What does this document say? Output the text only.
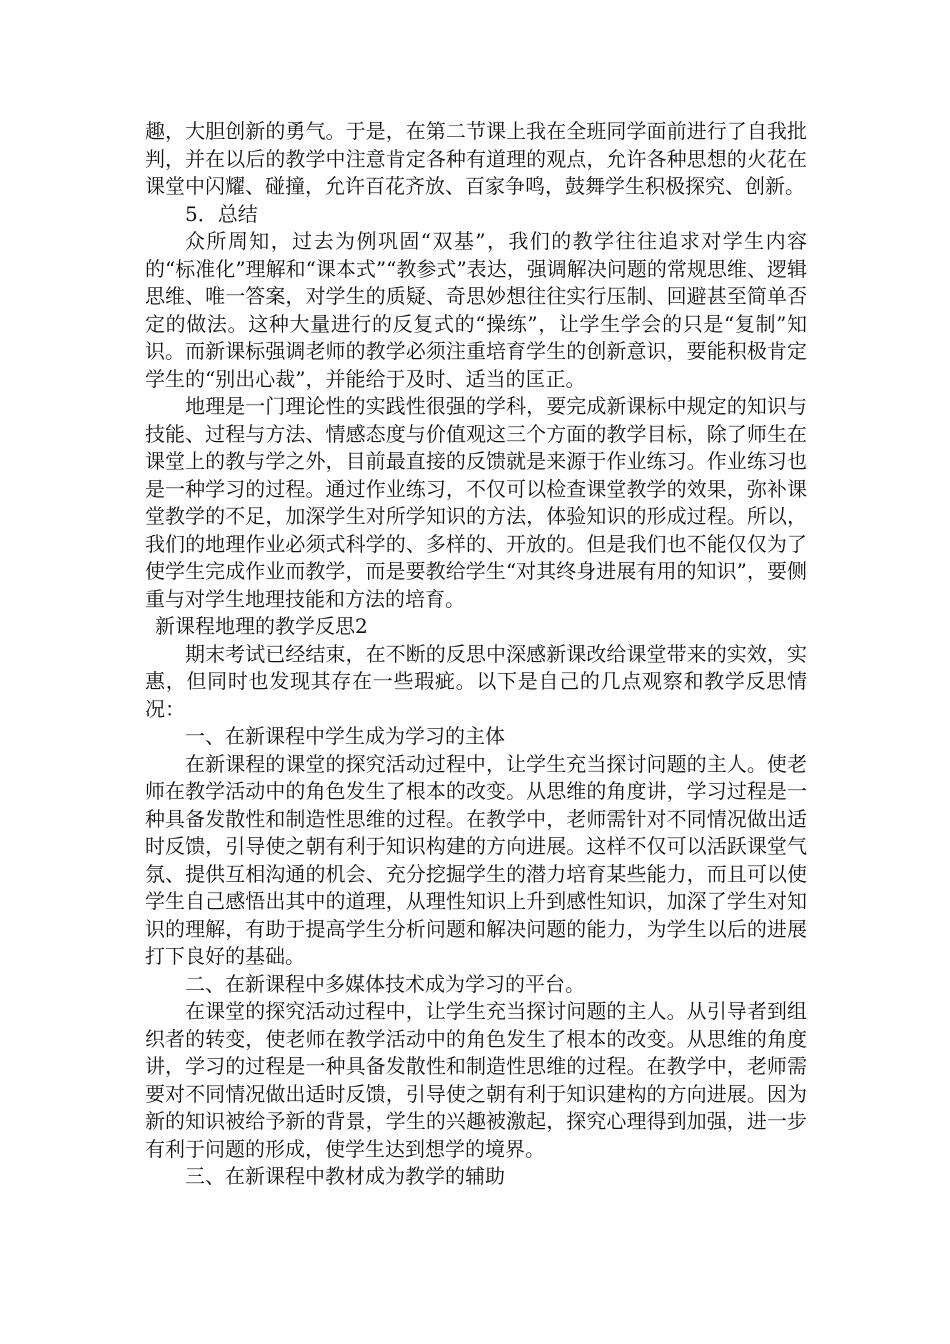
趣，大胆创新的勇气。于是，在第二节课上我在全班同学面前进行了自我批判，并在以后的教学中注意肯定各种有道理的观点，允许各种思想的火花在课堂中闪耀、碰撞，允许百花齐放、百家争鸣，鼓舞学生积极探究、创新。

5．总结

众所周知，过去为例巩固“双基”，我们的教学往往追求对学生内容的“标准化”理解和“课本式”“教参式”表达，强调解决问题的常规思维、逻辑思维、唯一答案，对学生的质疑、奇思妙想往往实行压制、回避甚至简单否定的做法。这种大量进行的反复式的“操练”，让学生学会的只是“复制”知识。而新课标强调老师的教学必须注重培育学生的创新意识，要能积极肯定学生的“别出心裁”，并能给于及时、适当的匡正。

地理是一门理论性的实践性很强的学科，要完成新课标中规定的知识与技能、过程与方法、情感态度与价值观这三个方面的教学目标，除了师生在课堂上的教与学之外，目前最直接的反馈就是来源于作业练习。作业练习也是一种学习的过程。通过作业练习，不仅可以检查课堂教学的效果，弥补课堂教学的不足，加深学生对所学知识的方法，体验知识的形成过程。所以，我们的地理作业必须式科学的、多样的、开放的。但是我们也不能仅仅为了使学生完成作业而教学，而是要教给学生“对其终身进展有用的知识”，要侧重与对学生地理技能和方法的培育。

新课程地理的教学反思2

期末考试已经结束，在不断的反思中深感新课改给课堂带来的实效，实惠，但同时也发现其存在一些瑕疵。以下是自己的几点观察和教学反思情况：

一、在新课程中学生成为学习的主体

在新课程的课堂的探究活动过程中，让学生充当探讨问题的主人。使老师在教学活动中的角色发生了根本的改变。从思维的角度讲，学习过程是一种具备发散性和制造性思维的过程。在教学中，老师需针对不同情况做出适时反馈，引导使之朝有利于知识构建的方向进展。这样不仅可以活跃课堂气氛、提供互相沟通的机会、充分挖掘学生的潜力培育某些能力，而且可以使学生自己感悟出其中的道理，从理性知识上升到感性知识，加深了学生对知识的理解，有助于提高学生分析问题和解决问题的能力，为学生以后的进展打下良好的基础。

二、在新课程中多媒体技术成为学习的平台。

在课堂的探究活动过程中，让学生充当探讨问题的主人。从引导者到组织者的转变，使老师在教学活动中的角色发生了根本的改变。从思维的角度讲，学习的过程是一种具备发散性和制造性思维的过程。在教学中，老师需要对不同情况做出适时反馈，引导使之朝有利于知识建构的方向进展。因为新的知识被给予新的背景，学生的兴趣被激起，探究心理得到加强，进一步有利于问题的形成，使学生达到想学的境界。

三、在新课程中教材成为教学的辅助
